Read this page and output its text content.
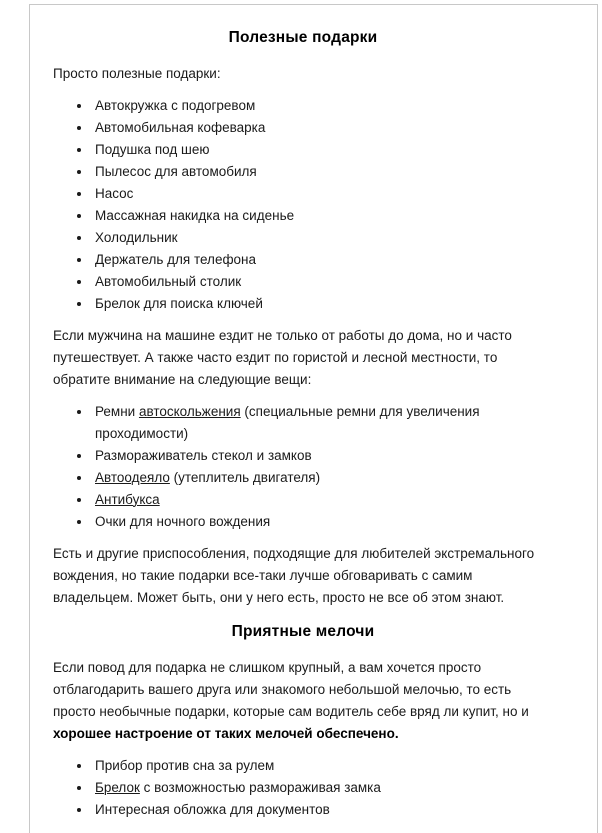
Полезные подарки

Просто полезные подарки:

• Автокружка с подогревом
• Автомобильная кофеварка
• Подушка под шею
• Пылесос для автомобиля
• Насос
• Массажная накидка на сиденье
• Холодильник
• Держатель для телефона
• Автомобильный столик
• Брелок для поиска ключей

Если мужчина на машине ездит не только от работы до дома, но и часто путешествует. А также часто ездит по гористой и лесной местности, то обратите внимание на следующие вещи:

• Ремни автоскольжения (специальные ремни для увеличения проходимости)
• Размораживатель стекол и замков
• Автоодеяло (утеплитель двигателя)
• Антибукса
• Очки для ночного вождения

Есть и другие приспособления, подходящие для любителей экстремального вождения, но такие подарки все-таки лучше обговаривать с самим владельцем. Может быть, они у него есть, просто не все об этом знают.

Приятные мелочи

Если повод для подарка не слишком крупный, а вам хочется просто отблагодарить вашего друга или знакомого небольшой мелочью, то есть просто необычные подарки, которые сам водитель себе вряд ли купит, но и хорошее настроение от таких мелочей обеспечено.

• Прибор против сна за рулем
• Брелок с возможностью размораживая замка
• Интересная обложка для документов
